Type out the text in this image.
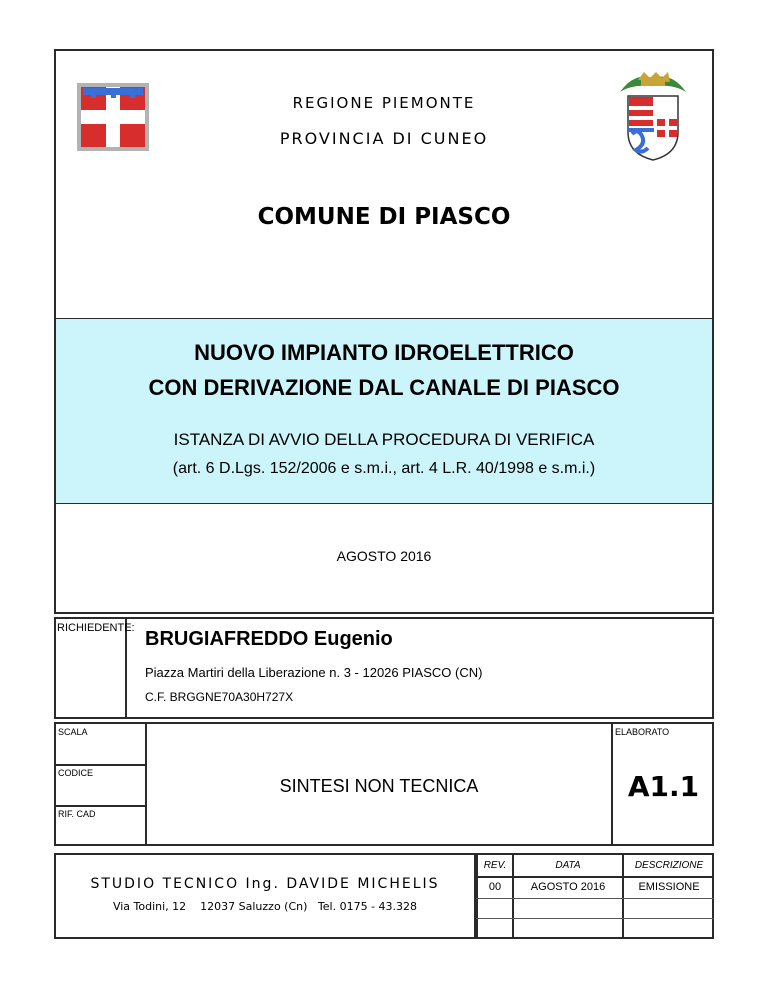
REGIONE PIEMONTE
PROVINCIA DI CUNEO
COMUNE DI PIASCO
NUOVO IMPIANTO IDROELETTRICO
CON DERIVAZIONE DAL CANALE DI PIASCO
ISTANZA DI AVVIO DELLA PROCEDURA DI VERIFICA
(art. 6 D.Lgs. 152/2006 e s.m.i., art. 4 L.R. 40/1998 e s.m.i.)
AGOSTO 2016
RICHIEDENTE: BRUGIAFREDDO Eugenio
Piazza Martiri della Liberazione n. 3 - 12026 PIASCO (CN)
C.F. BRGGNE70A30H727X
SCALA
CODICE
RIF. CAD
SINTESI NON TECNICA
ELABORATO
A1.1
STUDIO TECNICO Ing. DAVIDE MICHELIS
Via Todini, 12    12037 Saluzzo (Cn)   Tel. 0175 - 43.328
REV.	DATA	DESCRIZIONE
00	AGOSTO 2016	EMISSIONE
